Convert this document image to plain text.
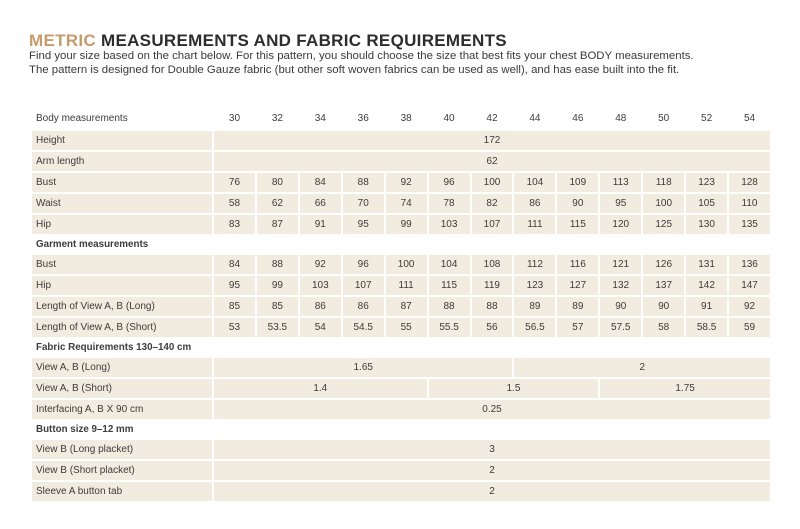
METRIC MEASUREMENTS AND FABRIC REQUIREMENTS
Find your size based on the chart below. For this pattern, you should choose the size that best fits your chest BODY measurements.
The pattern is designed for Double Gauze fabric (but other soft woven fabrics can be used as well), and has ease built into the fit.
Body measurements	30	32	34	36	38	40	42	44	46	48	50	52	54
Height	172												
Arm length	62												
Bust	76	80	84	88	92	96	100	104	109	113	118	123	128
Waist	58	62	66	70	74	78	82	86	90	95	100	105	110
Hip	83	87	91	95	99	103	107	111	115	120	125	130	135
Garment measurements													
Bust	84	88	92	96	100	104	108	112	116	121	126	131	136
Hip	95	99	103	107	111	115	119	123	127	132	137	142	147
Length of View A, B (Long)	85	85	86	86	87	88	88	89	89	90	90	91	92
Length of View A, B (Short)	53	53.5	54	54.5	55	55.5	56	56.5	57	57.5	58	58.5	59
Fabric Requirements 130–140 cm													
View A, B (Long)	1.65							2					
View A, B (Short)	1.4					1.5				1.75			
Interfacing A, B X 90 cm	0.25												
Button size 9–12 mm													
View B (Long placket)	3												
View B (Short placket)	2												
Sleeve A button tab	2												
